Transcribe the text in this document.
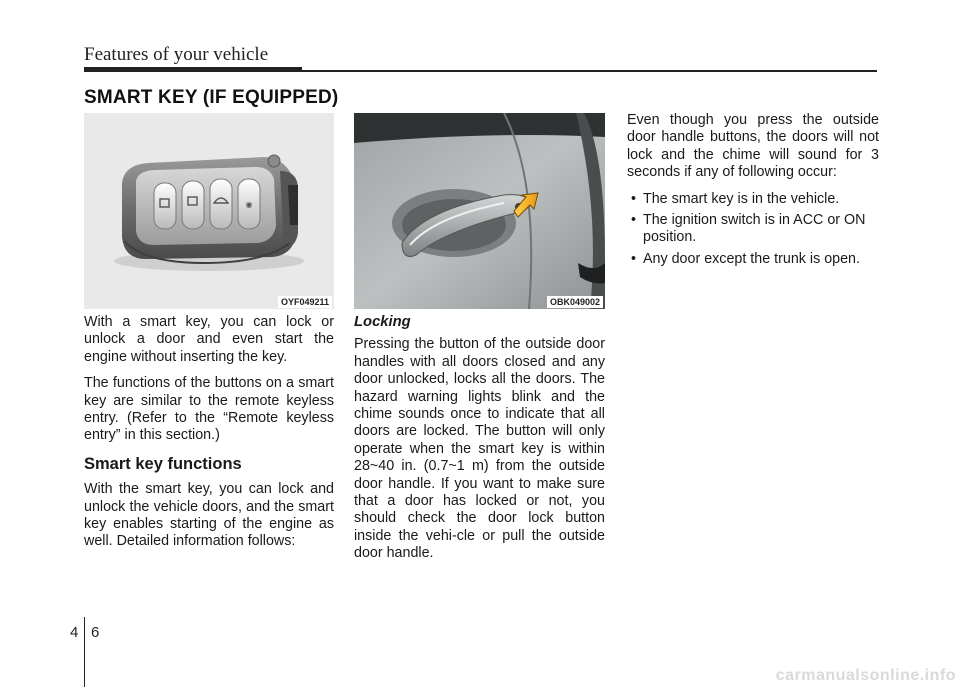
Features of your vehicle
SMART KEY (IF EQUIPPED)
◉
OYF049211	OBK049002

With a smart key, you can lock or unlock a door and even start the engine without inserting the key.

The functions of the buttons on a smart key are similar to the remote keyless entry. (Refer to the “Remote keyless entry” in this section.)

Smart key functions

With the smart key, you can lock and unlock the vehicle doors, and the smart key enables starting of the engine as well. Detailed information follows:

Locking

Pressing the button of the outside door handles with all doors closed and any door unlocked, locks all the doors. The hazard warning lights blink and the chime sounds once to indicate that all doors are locked. The button will only operate when the smart key is within 28~40 in. (0.7~1 m) from the outside door handle. If you want to make sure that a door has locked or not, you should check the door lock button inside the vehi-cle or pull the outside door handle.

Even though you press the outside door handle buttons, the doors will not lock and the chime will sound for 3 seconds if any of following occur:

• The smart key is in the vehicle.
• The ignition switch is in ACC or ON position.
• Any door except the trunk is open.
4 6
carmanualsonline.info
